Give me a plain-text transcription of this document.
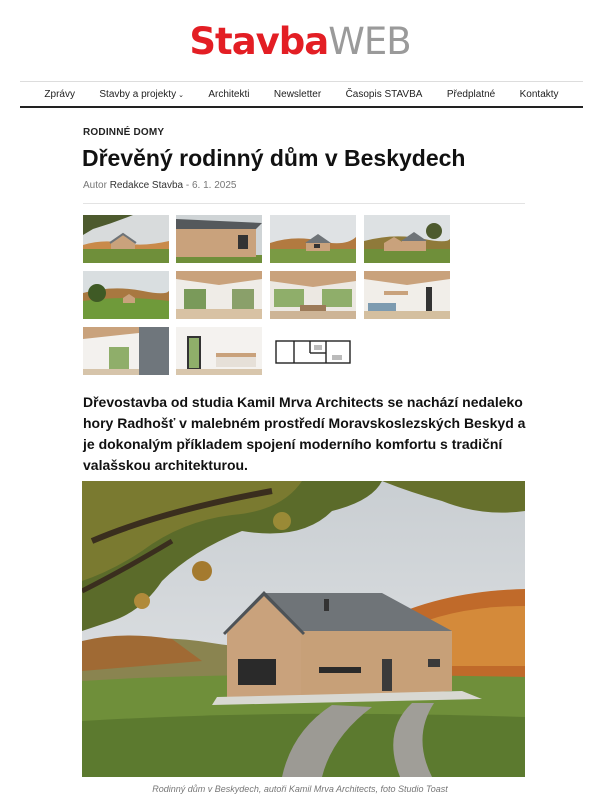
StavbaWEB
Zprávy Stavby a projekty ⌄ Architekti Newsletter Časopis STAVBA Předplatné Kontakty
RODINNÉ DOMY
Dřevěný rodinný dům v Beskydech
Autor Redakce Stavba - 6. 1. 2025

Dřevostavba od studia Kamil Mrva Architects se nachází nedaleko hory Radhošť v malebném prostředí Moravskoslezských Beskyd a je dokonalým příkladem spojení moderního komfortu s tradiční valašskou architekturou.

Rodinný dům v Beskydech, autoři Kamil Mrva Architects, foto Studio Toast
